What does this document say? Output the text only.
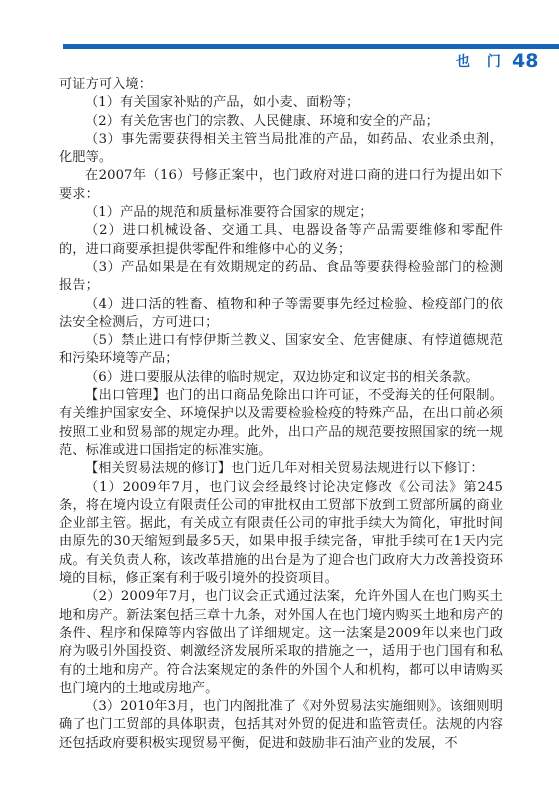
也 门 48

可证方可入境：

（1）有关国家补贴的产品，如小麦、面粉等；

（2）有关危害也门的宗教、人民健康、环境和安全的产品；

（3）事先需要获得相关主管当局批准的产品，如药品、农业杀虫剂，化肥等。

在2007年（16）号修正案中，也门政府对进口商的进口行为提出如下要求：

（1）产品的规范和质量标准要符合国家的规定；

（2）进口机械设备、交通工具、电器设备等产品需要维修和零配件的，进口商要承担提供零配件和维修中心的义务；

（3）产品如果是在有效期规定的药品、食品等要获得检验部门的检测报告；

（4）进口活的牲畜、植物和种子等需要事先经过检验、检疫部门的依法安全检测后，方可进口；

（5）禁止进口有悖伊斯兰教义、国家安全、危害健康、有悖道德规范和污染环境等产品；

（6）进口要服从法律的临时规定，双边协定和议定书的相关条款。

【出口管理】也门的出口商品免除出口许可证，不受海关的任何限制。有关维护国家安全、环境保护以及需要检验检疫的特殊产品，在出口前必须按照工业和贸易部的规定办理。此外，出口产品的规范要按照国家的统一规范、标准或进口国指定的标准实施。

【相关贸易法规的修订】也门近几年对相关贸易法规进行以下修订：

（1）2009年7月，也门议会经最终讨论决定修改《公司法》第245条，将在境内设立有限责任公司的审批权由工贸部下放到工贸部所属的商业企业部主管。据此，有关成立有限责任公司的审批手续大为简化，审批时间由原先的30天缩短到最多5天，如果申报手续完备，审批手续可在1天内完成。有关负责人称，该改革措施的出台是为了迎合也门政府大力改善投资环境的目标，修正案有利于吸引境外的投资项目。

（2）2009年7月，也门议会正式通过法案，允许外国人在也门购买土地和房产。新法案包括三章十九条，对外国人在也门境内购买土地和房产的条件、程序和保障等内容做出了详细规定。这一法案是2009年以来也门政府为吸引外国投资、刺激经济发展所采取的措施之一，适用于也门国有和私有的土地和房产。符合法案规定的条件的外国个人和机构，都可以申请购买也门境内的土地或房地产。

（3）2010年3月，也门内阁批准了《对外贸易法实施细则》。该细则明确了也门工贸部的具体职责，包括其对外贸的促进和监管责任。法规的内容还包括政府要积极实现贸易平衡，促进和鼓励非石油产业的发展，不
